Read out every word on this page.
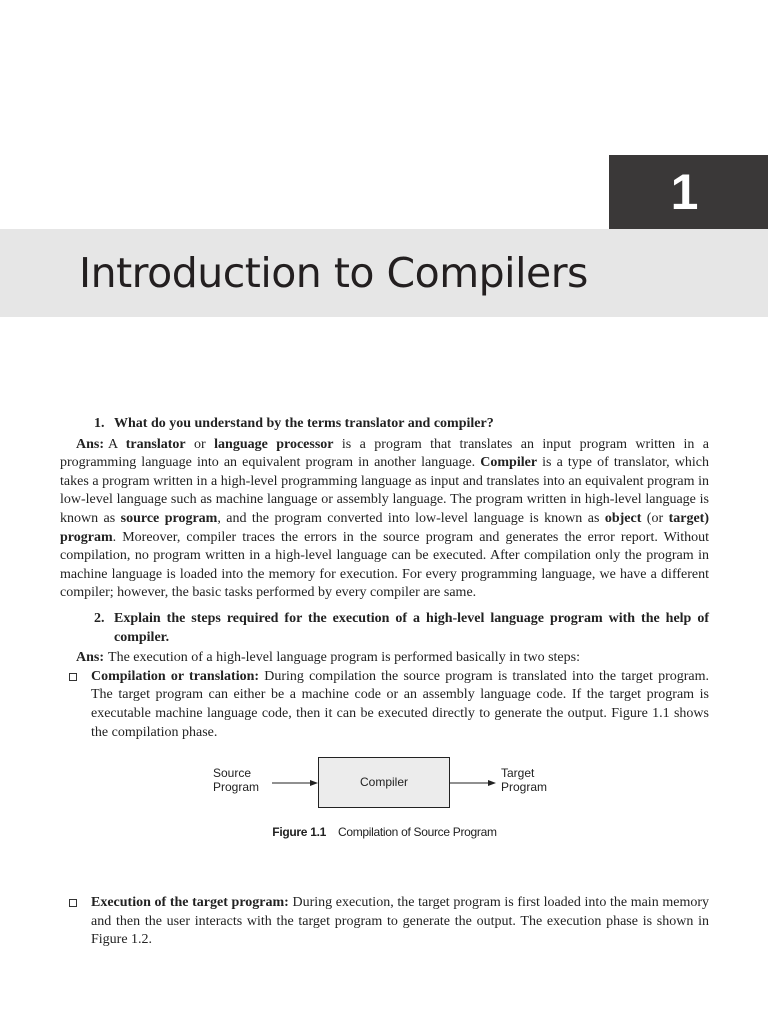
1
Introduction to Compilers

1. What do you understand by the terms translator and compiler?

Ans: A translator or language processor is a program that translates an input program written in a programming language into an equivalent program in another language. Compiler is a type of translator, which takes a program written in a high-level programming language as input and translates into an equivalent program in low-level language such as machine language or assembly language. The program written in high-level language is known as source program, and the program converted into low-level language is known as object (or target) program. Moreover, compiler traces the errors in the source program and generates the error report. Without compilation, no program written in a high-level language can be executed. After compilation only the program in machine language is loaded into the memory for execution. For every programming language, we have a different compiler; however, the basic tasks performed by every compiler are same.

2. Explain the steps required for the execution of a high-level language program with the help of compiler.

Ans: The execution of a high-level language program is performed basically in two steps:

Compilation or translation: During compilation the source program is translated into the target program. The target program can either be a machine code or an assembly language code. If the target program is executable machine language code, then it can be executed directly to generate the output. Figure 1.1 shows the compilation phase.

Source
Program	Compiler
Target
Program
Figure 1.1 Compilation of Source Program

Execution of the target program: During execution, the target program is first loaded into the main memory and then the user interacts with the target program to generate the output. The execution phase is shown in Figure 1.2.
